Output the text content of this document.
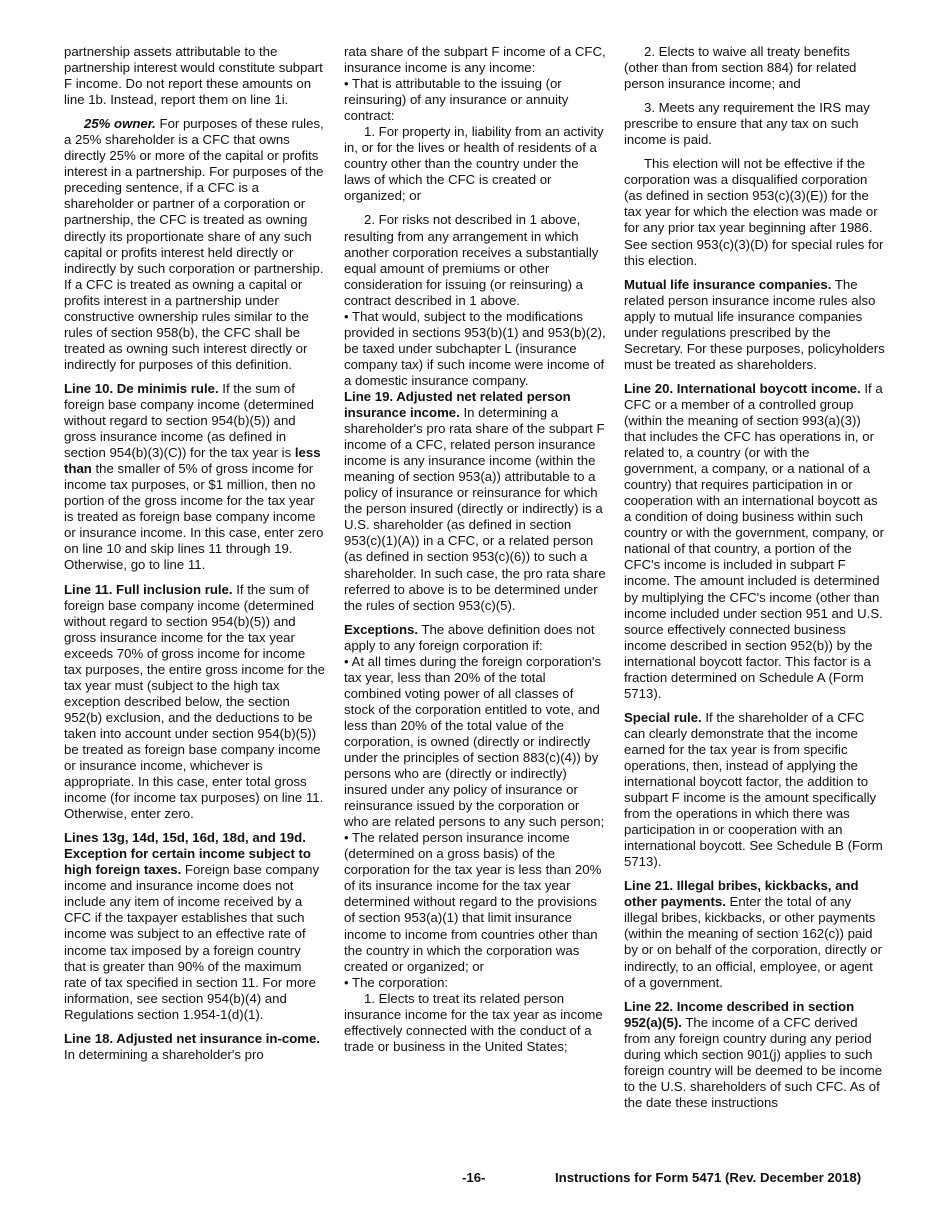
partnership assets attributable to the partnership interest would constitute subpart F income. Do not report these amounts on line 1b. Instead, report them on line 1i.

25% owner. For purposes of these rules, a 25% shareholder is a CFC that owns directly 25% or more of the capital or profits interest in a partnership. For purposes of the preceding sentence, if a CFC is a shareholder or partner of a corporation or partnership, the CFC is treated as owning directly its proportionate share of any such capital or profits interest held directly or indirectly by such corporation or partnership. If a CFC is treated as owning a capital or profits interest in a partnership under constructive ownership rules similar to the rules of section 958(b), the CFC shall be treated as owning such interest directly or indirectly for purposes of this definition.

Line 10. De minimis rule. If the sum of foreign base company income (determined without regard to section 954(b)(5)) and gross insurance income (as defined in section 954(b)(3)(C)) for the tax year is less than the smaller of 5% of gross income for income tax purposes, or $1 million, then no portion of the gross income for the tax year is treated as foreign base company income or insurance income. In this case, enter zero on line 10 and skip lines 11 through 19. Otherwise, go to line 11.

Line 11. Full inclusion rule. If the sum of foreign base company income (determined without regard to section 954(b)(5)) and gross insurance income for the tax year exceeds 70% of gross income for income tax purposes, the entire gross income for the tax year must (subject to the high tax exception described below, the section 952(b) exclusion, and the deductions to be taken into account under section 954(b)(5)) be treated as foreign base company income or insurance income, whichever is appropriate. In this case, enter total gross income (for income tax purposes) on line 11. Otherwise, enter zero.

Lines 13g, 14d, 15d, 16d, 18d, and 19d. Exception for certain income subject to high foreign taxes. Foreign base company income and insurance income does not include any item of income received by a CFC if the taxpayer establishes that such income was subject to an effective rate of income tax imposed by a foreign country that is greater than 90% of the maximum rate of tax specified in section 11. For more information, see section 954(b)(4) and Regulations section 1.954-1(d)(1).

Line 18. Adjusted net insurance in-come. In determining a shareholder's pro

rata share of the subpart F income of a CFC, insurance income is any income:

• That is attributable to the issuing (or reinsuring) of any insurance or annuity contract:

1. For property in, liability from an activity in, or for the lives or health of residents of a country other than the country under the laws of which the CFC is created or organized; or

2. For risks not described in 1 above, resulting from any arrangement in which another corporation receives a substantially equal amount of premiums or other consideration for issuing (or reinsuring) a contract described in 1 above.

• That would, subject to the modifications provided in sections 953(b)(1) and 953(b)(2), be taxed under subchapter L (insurance company tax) if such income were income of a domestic insurance company.

Line 19. Adjusted net related person insurance income. In determining a shareholder's pro rata share of the subpart F income of a CFC, related person insurance income is any insurance income (within the meaning of section 953(a)) attributable to a policy of insurance or reinsurance for which the person insured (directly or indirectly) is a U.S. shareholder (as defined in section 953(c)(1)(A)) in a CFC, or a related person (as defined in section 953(c)(6)) to such a shareholder. In such case, the pro rata share referred to above is to be determined under the rules of section 953(c)(5).

Exceptions. The above definition does not apply to any foreign corporation if:

• At all times during the foreign corporation's tax year, less than 20% of the total combined voting power of all classes of stock of the corporation entitled to vote, and less than 20% of the total value of the corporation, is owned (directly or indirectly under the principles of section 883(c)(4)) by persons who are (directly or indirectly) insured under any policy of insurance or reinsurance issued by the corporation or who are related persons to any such person;

• The related person insurance income (determined on a gross basis) of the corporation for the tax year is less than 20% of its insurance income for the tax year determined without regard to the provisions of section 953(a)(1) that limit insurance income to income from countries other than the country in which the corporation was created or organized; or

• The corporation:

1. Elects to treat its related person insurance income for the tax year as income effectively connected with the conduct of a trade or business in the United States;

2. Elects to waive all treaty benefits (other than from section 884) for related person insurance income; and

3. Meets any requirement the IRS may prescribe to ensure that any tax on such income is paid.

This election will not be effective if the corporation was a disqualified corporation (as defined in section 953(c)(3)(E)) for the tax year for which the election was made or for any prior tax year beginning after 1986. See section 953(c)(3)(D) for special rules for this election.

Mutual life insurance companies. The related person insurance income rules also apply to mutual life insurance companies under regulations prescribed by the Secretary. For these purposes, policyholders must be treated as shareholders.

Line 20. International boycott income. If a CFC or a member of a controlled group (within the meaning of section 993(a)(3)) that includes the CFC has operations in, or related to, a country (or with the government, a company, or a national of a country) that requires participation in or cooperation with an international boycott as a condition of doing business within such country or with the government, company, or national of that country, a portion of the CFC's income is included in subpart F income. The amount included is determined by multiplying the CFC's income (other than income included under section 951 and U.S. source effectively connected business income described in section 952(b)) by the international boycott factor. This factor is a fraction determined on Schedule A (Form 5713).

Special rule. If the shareholder of a CFC can clearly demonstrate that the income earned for the tax year is from specific operations, then, instead of applying the international boycott factor, the addition to subpart F income is the amount specifically from the operations in which there was participation in or cooperation with an international boycott. See Schedule B (Form 5713).

Line 21. Illegal bribes, kickbacks, and other payments. Enter the total of any illegal bribes, kickbacks, or other payments (within the meaning of section 162(c)) paid by or on behalf of the corporation, directly or indirectly, to an official, employee, or agent of a government.

Line 22. Income described in section 952(a)(5). The income of a CFC derived from any foreign country during any period during which section 901(j) applies to such foreign country will be deemed to be income to the U.S. shareholders of such CFC. As of the date these instructions

-16-	Instructions for Form 5471 (Rev. December 2018)
